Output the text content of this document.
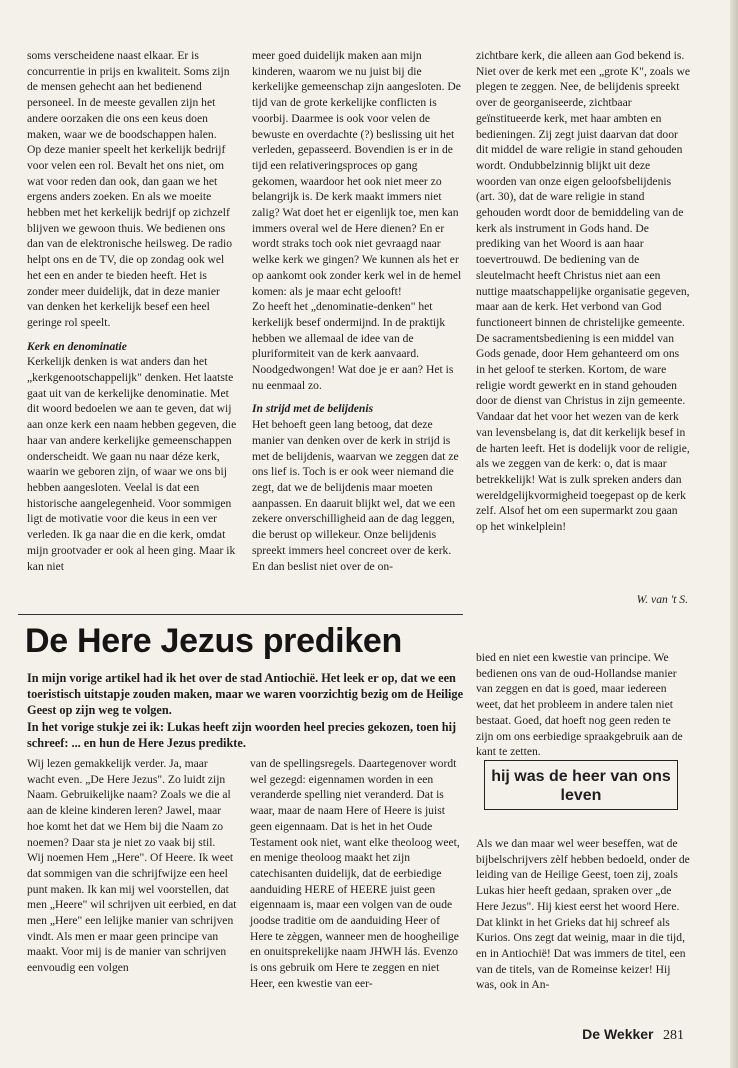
soms verscheidene naast elkaar. Er is concurrentie in prijs en kwaliteit. Soms zijn de mensen gehecht aan het bedienend personeel. In de meeste gevallen zijn het andere oorzaken die ons een keus doen maken, waar we de boodschappen halen.

Op deze manier speelt het kerkelijk bedrijf voor velen een rol. Bevalt het ons niet, om wat voor reden dan ook, dan gaan we het ergens anders zoeken. En als we moeite hebben met het kerkelijk bedrijf op zichzelf blijven we gewoon thuis. We bedienen ons dan van de elektronische heilsweg. De radio helpt ons en de TV, die op zondag ook wel het een en ander te bieden heeft. Het is zonder meer duidelijk, dat in deze manier van denken het kerkelijk besef een heel geringe rol speelt.

Kerk en denominatie

Kerkelijk denken is wat anders dan het „kerkgenootschappelijk" denken. Het laatste gaat uit van de kerkelijke denominatie. Met dit woord bedoelen we aan te geven, dat wij aan onze kerk een naam hebben gegeven, die haar van andere kerkelijke gemeenschappen onderscheidt. We gaan nu naar déze kerk, waarin we geboren zijn, of waar we ons bij hebben aangesloten. Veelal is dat een historische aangelegenheid. Voor sommigen ligt de motivatie voor die keus in een ver verleden. Ik ga naar die en die kerk, omdat mijn grootvader er ook al heen ging. Maar ik kan niet

meer goed duidelijk maken aan mijn kinderen, waarom we nu juist bij die kerkelijke gemeenschap zijn aangesloten. De tijd van de grote kerkelijke conflicten is voorbij. Daarmee is ook voor velen de bewuste en overdachte (?) beslissing uit het verleden, gepasseerd. Bovendien is er in de tijd een relativeringsproces op gang gekomen, waardoor het ook niet meer zo belangrijk is. De kerk maakt immers niet zalig? Wat doet het er eigenlijk toe, men kan immers overal wel de Here dienen? En er wordt straks toch ook niet gevraagd naar welke kerk we gingen? We kunnen als het er op aankomt ook zonder kerk wel in de hemel komen: als je maar echt gelooft!

Zo heeft het „denominatie-denken" het kerkelijk besef ondermijnd. In de praktijk hebben we allemaal de idee van de pluriformiteit van de kerk aanvaard. Noodgedwongen! Wat doe je er aan? Het is nu eenmaal zo.

In strijd met de belijdenis

Het behoeft geen lang betoog, dat deze manier van denken over de kerk in strijd is met de belijdenis, waarvan we zeggen dat ze ons lief is. Toch is er ook weer niemand die zegt, dat we de belijdenis maar moeten aanpassen. En daaruit blijkt wel, dat we een zekere onverschilligheid aan de dag leggen, die berust op willekeur. Onze belijdenis spreekt immers heel concreet over de kerk. En dan beslist niet over de on-

zichtbare kerk, die alleen aan God bekend is. Niet over de kerk met een „grote K", zoals we plegen te zeggen. Nee, de belijdenis spreekt over de georganiseerde, zichtbaar geïnstitueerde kerk, met haar ambten en bedieningen. Zij zegt juist daarvan dat door dit middel de ware religie in stand gehouden wordt. Ondubbelzinnig blijkt uit deze woorden van onze eigen geloofsbelijdenis (art. 30), dat de ware religie in stand gehouden wordt door de bemiddeling van de kerk als instrument in Gods hand. De prediking van het Woord is aan haar toevertrouwd. De bediening van de sleutelmacht heeft Christus niet aan een nuttige maatschappelijke organisatie gegeven, maar aan de kerk. Het verbond van God functioneert binnen de christelijke gemeente. De sacramentsbediening is een middel van Gods genade, door Hem gehanteerd om ons in het geloof te sterken. Kortom, de ware religie wordt gewerkt en in stand gehouden door de dienst van Christus in zijn gemeente.

Vandaar dat het voor het wezen van de kerk van levensbelang is, dat dit kerkelijk besef in de harten leeft. Het is dodelijk voor de religie, als we zeggen van de kerk: o, dat is maar betrekkelijk! Wat is zulk spreken anders dan wereldgelijkvormigheid toegepast op de kerk zelf. Alsof het om een supermarkt zou gaan op het winkelplein!

W. van 't S.
De Here Jezus prediken

In mijn vorige artikel had ik het over de stad Antiochië. Het leek er op, dat we een toeristisch uitstapje zouden maken, maar we waren voorzichtig bezig om de Heilige Geest op zijn weg te volgen.

In het vorige stukje zei ik: Lukas heeft zijn woorden heel precies gekozen, toen hij schreef: ... en hun de Here Jezus predikte.

Wij lezen gemakkelijk verder. Ja, maar wacht even. „De Here Jezus". Zo luidt zijn Naam. Gebruikelijke naam? Zoals we die al aan de kleine kinderen leren? Jawel, maar hoe komt het dat we Hem bij die Naam zo noemen? Daar sta je niet zo vaak bij stil.

Wij noemen Hem „Here". Of Heere. Ik weet dat sommigen van die schrijfwijze een heel punt maken. Ik kan mij wel voorstellen, dat men „Heere" wil schrijven uit eerbied, en dat men „Here" een lelijke manier van schrijven vindt. Als men er maar geen principe van maakt. Voor mij is de manier van schrijven eenvoudig een volgen

van de spellingsregels. Daartegenover wordt wel gezegd: eigennamen worden in een veranderde spelling niet veranderd. Dat is waar, maar de naam Here of Heere is juist geen eigennaam. Dat is het in het Oude Testament ook niet, want elke theoloog weet, en menige theoloog maakt het zijn catechisanten duidelijk, dat de eerbiedige aanduiding HERE of HEERE juist geen eigennaam is, maar een volgen van de oude joodse traditie om de aanduiding Heer of Here te zèggen, wanneer men de hoogheilige en onuitsprekelijke naam JHWH lás. Evenzo is ons gebruik om Here te zeggen en niet Heer, een kwestie van eer-

bied en niet een kwestie van principe. We bedienen ons van de oud-Hollandse manier van zeggen en dat is goed, maar iedereen weet, dat het probleem in andere talen niet bestaat. Goed, dat hoeft nog geen reden te zijn om ons eerbiedige spraakgebruik aan de kant te zetten.

hij was de heer van ons leven

Als we dan maar wel weer beseffen, wat de bijbelschrijvers zèlf hebben bedoeld, onder de leiding van de Heilige Geest, toen zij, zoals Lukas hier heeft gedaan, spraken over „de Here Jezus". Hij kiest eerst het woord Here. Dat klinkt in het Grieks dat hij schreef als Kurios. Ons zegt dat weinig, maar in die tijd, en in Antiochië! Dat was immers de titel, een van de titels, van de Romeinse keizer! Hij was, ook in An-

De Wekker 281
